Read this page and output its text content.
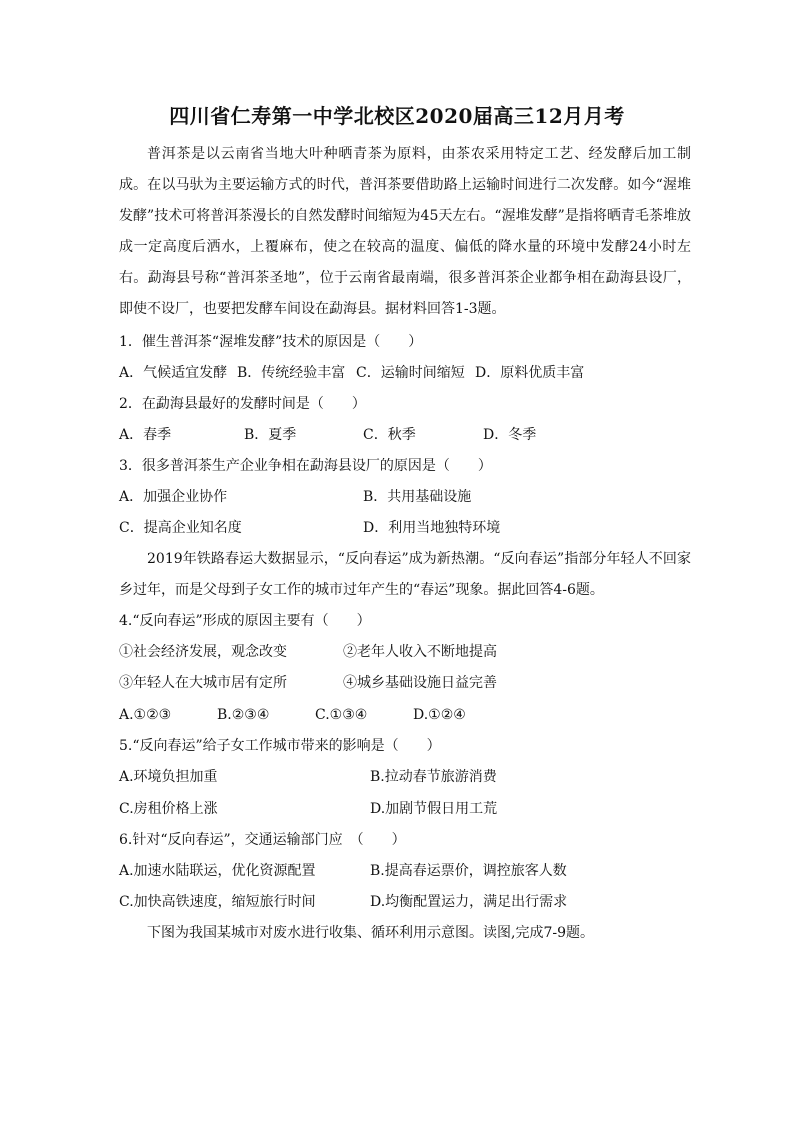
四川省仁寿第一中学北校区2020届高三12月月考
普洱茶是以云南省当地大叶种晒青茶为原料，由茶农采用特定工艺、经发酵后加工制成。在以马驮为主要运输方式的时代，普洱茶要借助路上运输时间进行二次发酵。如今“渥堆发酵”技术可将普洱茶漫长的自然发酵时间缩短为45天左右。“渥堆发酵”是指将晒青毛茶堆放成一定高度后洒水，上覆麻布，使之在较高的温度、偏低的降水量的环境中发酵24小时左右。勐海县号称“普洱茶圣地”，位于云南省最南端，很多普洱茶企业都争相在勐海县设厂，即使不设厂，也要把发酵车间设在勐海县。据材料回答1-3题。
1．催生普洱茶“渥堆发酵”技术的原因是（　　）
A．气候适宜发酵 B．传统经验丰富 C．运输时间缩短 D．原料优质丰富
2．在勐海县最好的发酵时间是（　　）
A．春季	B．夏季	C．秋季	D．冬季
3．很多普洱茶生产企业争相在勐海县设厂的原因是（　　）
A．加强企业协作	B．共用基础设施
C．提高企业知名度	D．利用当地独特环境
2019年铁路春运大数据显示，“反向春运”成为新热潮。“反向春运”指部分年轻人不回家乡过年，而是父母到子女工作的城市过年产生的“春运”现象。据此回答4-6题。
4.“反向春运”形成的原因主要有（　　）
①社会经济发展，观念改变	②老年人收入不断地提高
③年轻人在大城市居有定所	④城乡基础设施日益完善
A.①②③	B.②③④	C.①③④	D.①②④
5.“反向春运”给子女工作城市带来的影响是（　　）
A.环境负担加重	B.拉动春节旅游消费
C.房租价格上涨	D.加剧节假日用工荒
6.针对“反向春运”，交通运输部门应　（　　）
A.加速水陆联运，优化资源配置	B.提高春运票价，调控旅客人数
C.加快高铁速度，缩短旅行时间	D.均衡配置运力，满足出行需求
下图为我国某城市对废水进行收集、循环利用示意图。读图,完成7-9题。
